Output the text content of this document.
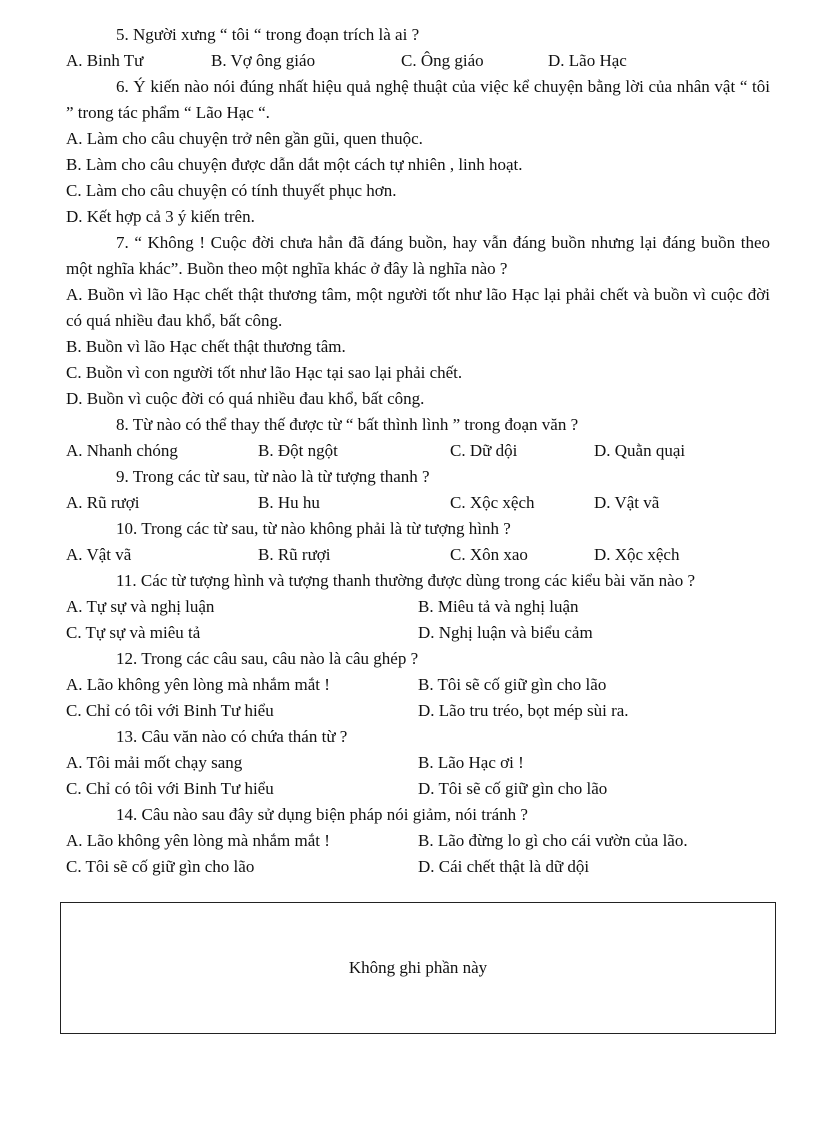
5. Người xưng “ tôi “ trong đoạn trích là ai ?

A. Binh Tư	B. Vợ ông giáo	C. Ông giáo	D. Lão Hạc

6. Ý kiến nào nói đúng nhất hiệu quả nghệ thuật của việc kể chuyện bằng lời của nhân vật “ tôi ” trong tác phẩm “ Lão Hạc “.

A. Làm cho câu chuyện trở nên gần gũi, quen thuộc.

B. Làm cho câu chuyện được dẫn dắt một cách tự nhiên , linh hoạt.

C. Làm cho câu chuyện có tính thuyết phục hơn.

D. Kết hợp cả 3 ý kiến trên.

7. “ Không ! Cuộc đời chưa hẳn đã đáng buồn, hay vẫn đáng buồn nhưng lại đáng buồn theo một nghĩa khác”. Buồn theo một nghĩa khác ở đây là nghĩa nào ?

A. Buồn vì lão Hạc chết thật thương tâm, một người tốt như lão Hạc lại phải chết và buồn vì cuộc đời có quá nhiều đau khổ, bất công.

B. Buồn vì lão Hạc chết thật thương tâm.

C. Buồn vì con người tốt như lão Hạc tại sao lại phải chết.

D. Buồn vì cuộc đời có quá nhiều đau khổ, bất công.

8. Từ nào có thể thay thế được từ “ bất thình lình ” trong đoạn văn ?

A. Nhanh chóng	B. Đột ngột	C. Dữ dội	D. Quằn quại

9. Trong các từ sau, từ nào là từ tượng thanh ?

A. Rũ rượi	B. Hu hu	C. Xộc xệch	D. Vật vã

10. Trong các từ sau, từ nào không phải là từ tượng hình ?

A. Vật vã	B. Rũ rượi	C. Xôn xao	D. Xộc xệch

11. Các từ tượng hình và tượng thanh thường được dùng trong các kiểu bài văn nào ?

A. Tự sự và nghị luận	B. Miêu tả và nghị luận
C. Tự sự và miêu tả	D. Nghị luận và biểu cảm

12. Trong các câu sau, câu nào là câu ghép ?

A. Lão không yên lòng mà nhắm mắt !	B. Tôi sẽ cố giữ gìn cho lão
C. Chỉ có tôi với Binh Tư hiểu	D. Lão tru tréo, bọt mép sùi ra.

13. Câu văn nào có chứa thán từ ?

A. Tôi mải mốt chạy sang	B. Lão Hạc ơi !
C. Chỉ có tôi với Binh Tư hiểu	D. Tôi sẽ cố giữ gìn cho lão

14. Câu nào sau đây sử dụng biện pháp nói giảm, nói tránh ?

A. Lão không yên lòng mà nhắm mắt !	B. Lão đừng lo gì cho cái vườn của lão.
C. Tôi sẽ cố giữ gìn cho lão	D. Cái chết thật là dữ dội
Không ghi phần này
